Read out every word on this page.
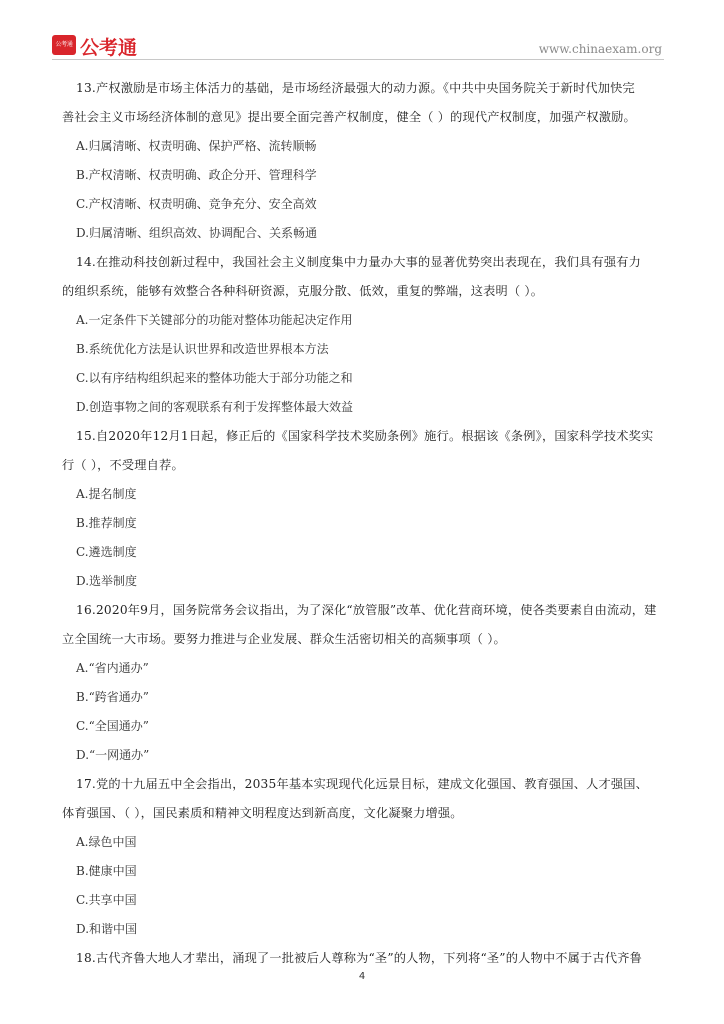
公考通 公考通	www.chinaexam.org

13.产权激励是市场主体活力的基础，是市场经济最强大的动力源。《中共中央国务院关于新时代加快完

善社会主义市场经济体制的意见》提出要全面完善产权制度，健全（ ）的现代产权制度，加强产权激励。

A.归属清晰、权责明确、保护严格、流转顺畅

B.产权清晰、权责明确、政企分开、管理科学

C.产权清晰、权责明确、竞争充分、安全高效

D.归属清晰、组织高效、协调配合、关系畅通

14.在推动科技创新过程中，我国社会主义制度集中力量办大事的显著优势突出表现在，我们具有强有力

的组织系统，能够有效整合各种科研资源，克服分散、低效，重复的弊端，这表明（ ）。

A.一定条件下关键部分的功能对整体功能起决定作用

B.系统优化方法是认识世界和改造世界根本方法

C.以有序结构组织起来的整体功能大于部分功能之和

D.创造事物之间的客观联系有利于发挥整体最大效益

15.自2020年12月1日起，修正后的《国家科学技术奖励条例》施行。根据该《条例》，国家科学技术奖实

行（ ），不受理自荐。

A.提名制度

B.推荐制度

C.遴选制度

D.选举制度

16.2020年9月，国务院常务会议指出，为了深化“放管服”改革、优化营商环境，使各类要素自由流动，建

立全国统一大市场。要努力推进与企业发展、群众生活密切相关的高频事项（ ）。

A.“省内通办”

B.“跨省通办”

C.“全国通办”

D.“一网通办”

17.党的十九届五中全会指出，2035年基本实现现代化远景目标，建成文化强国、教育强国、人才强国、

体育强国、（ ），国民素质和精神文明程度达到新高度，文化凝聚力增强。

A.绿色中国

B.健康中国

C.共享中国

D.和谐中国

18.古代齐鲁大地人才辈出，涌现了一批被后人尊称为“圣”的人物，下列将“圣”的人物中不属于古代齐鲁

4
